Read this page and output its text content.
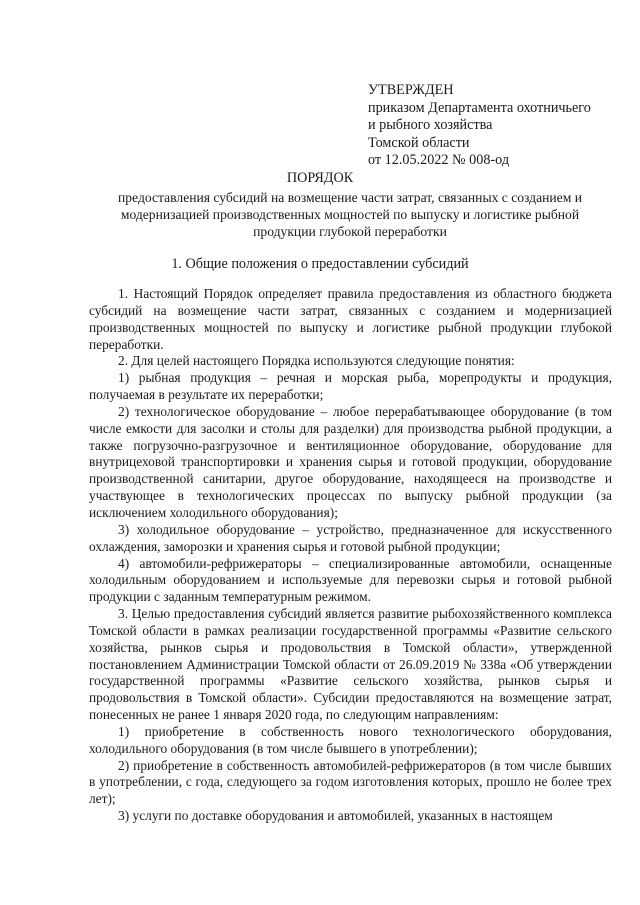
УТВЕРЖДЕН
приказом Департамента охотничьего
и рыбного хозяйства
Томской области
от 12.05.2022 № 008-од
ПОРЯДОК
предоставления субсидий на возмещение части затрат, связанных с созданием и
модернизацией производственных мощностей по выпуску и логистике рыбной
продукции глубокой переработки
1. Общие положения о предоставлении субсидий

1. Настоящий Порядок определяет правила предоставления из областного бюджета субсидий на возмещение части затрат, связанных с созданием и модернизацией производственных мощностей по выпуску и логистике рыбной продукции глубокой переработки.

2. Для целей настоящего Порядка используются следующие понятия:

1) рыбная продукция – речная и морская рыба, морепродукты и продукция, получаемая в результате их переработки;

2) технологическое оборудование – любое перерабатывающее оборудование (в том числе емкости для засолки и столы для разделки) для производства рыбной продукции, а также погрузочно-разгрузочное и вентиляционное оборудование, оборудование для внутрицеховой транспортировки и хранения сырья и готовой продукции, оборудование производственной санитарии, другое оборудование, находящееся на производстве и участвующее в технологических процессах по выпуску рыбной продукции (за исключением холодильного оборудования);

3) холодильное оборудование – устройство, предназначенное для искусственного охлаждения, заморозки и хранения сырья и готовой рыбной продукции;

4) автомобили-рефрижераторы – специализированные автомобили, оснащенные холодильным оборудованием и используемые для перевозки сырья и готовой рыбной продукции с заданным температурным режимом.

3. Целью предоставления субсидий является развитие рыбохозяйственного комплекса Томской области в рамках реализации государственной программы «Развитие сельского хозяйства, рынков сырья и продовольствия в Томской области», утвержденной постановлением Администрации Томской области от 26.09.2019 № 338а «Об утверждении государственной программы «Развитие сельского хозяйства, рынков сырья и продовольствия в Томской области». Субсидии предоставляются на возмещение затрат, понесенных не ранее 1 января 2020 года, по следующим направлениям:

1) приобретение в собственность нового технологического оборудования, холодильного оборудования (в том числе бывшего в употреблении);

2) приобретение в собственность автомобилей-рефрижераторов (в том числе бывших в употреблении, с года, следующего за годом изготовления которых, прошло не более трех лет);

3) услуги по доставке оборудования и автомобилей, указанных в настоящем
